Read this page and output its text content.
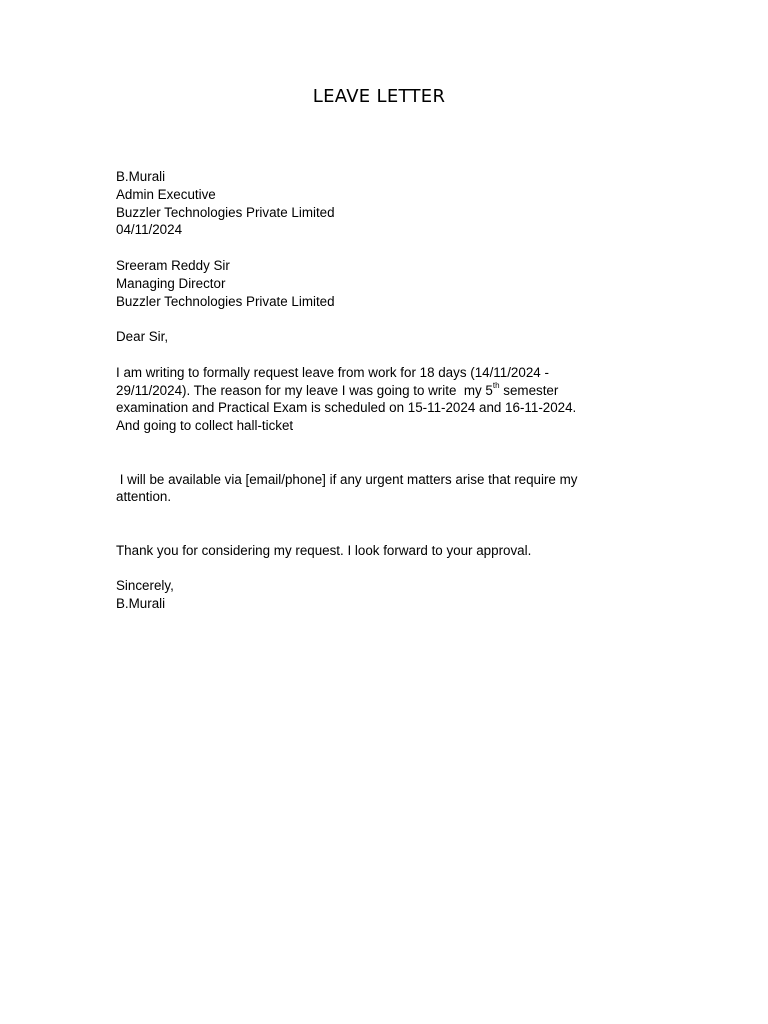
LEAVE LETTER
B.Murali
Admin Executive
Buzzler Technologies Private Limited
04/11/2024
Sreeram Reddy Sir
Managing Director
Buzzler Technologies Private Limited
Dear Sir,
I am writing to formally request leave from work for 18 days (14/11/2024 -
29/11/2024). The reason for my leave I was going to write  my 5th semester
examination and Practical Exam is scheduled on 15-11-2024 and 16-11-2024.
And going to collect hall-ticket
I will be available via [email/phone] if any urgent matters arise that require my
attention.
Thank you for considering my request. I look forward to your approval.
Sincerely,
B.Murali
